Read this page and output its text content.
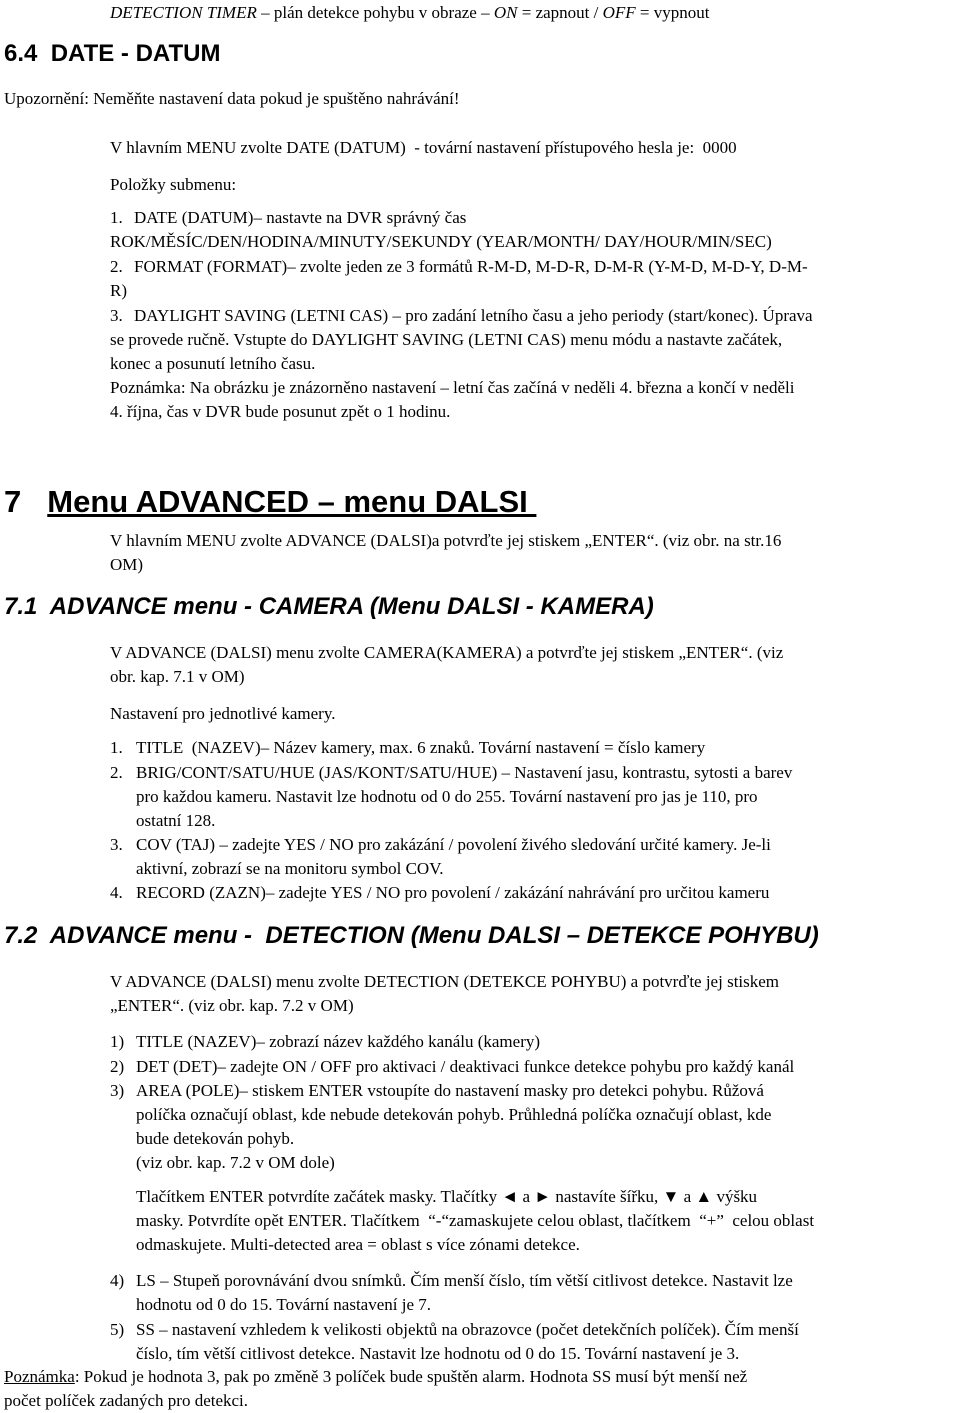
DETECTION TIMER – plán detekce pohybu v obraze – ON = zapnout / OFF = vypnout
6.4  DATE - DATUM
Upozornění: Neměňte nastavení data pokud je spuštěno nahrávání!
V hlavním MENU zvolte DATE (DATUM)  - tovární nastavení přístupového hesla je:  0000
Položky submenu:
1. DATE (DATUM)– nastavte na DVR správný čas
ROK/MĚSÍC/DEN/HODINA/MINUTY/SEKUNDY (YEAR/MONTH/ DAY/HOUR/MIN/SEC)
2. FORMAT (FORMAT)– zvolte jeden ze 3 formátů R-M-D, M-D-R, D-M-R (Y-M-D, M-D-Y, D-M-
R)
3. DAYLIGHT SAVING (LETNI CAS) – pro zadání letního času a jeho periody (start/konec). Úprava
se provede ručně. Vstupte do DAYLIGHT SAVING (LETNI CAS) menu módu a nastavte začátek,
konec a posunutí letního času.
Poznámka: Na obrázku je znázorněno nastavení – letní čas začíná v neděli 4. března a končí v neděli
4. října, čas v DVR bude posunut zpět o 1 hodinu.
7 Menu ADVANCED – menu DALSI
V hlavním MENU zvolte ADVANCE (DALSI)a potvrďte jej stiskem „ENTER“. (viz obr. na str.16
OM)
7.1  ADVANCE menu - CAMERA (Menu DALSI - KAMERA)
V ADVANCE (DALSI) menu zvolte CAMERA(KAMERA) a potvrďte jej stiskem „ENTER“. (viz
obr. kap. 7.1 v OM)
Nastavení pro jednotlivé kamery.
1. TITLE  (NAZEV)– Název kamery, max. 6 znaků. Tovární nastavení = číslo kamery
2. BRIG/CONT/SATU/HUE (JAS/KONT/SATU/HUE) – Nastavení jasu, kontrastu, sytosti a barev
pro každou kameru. Nastavit lze hodnotu od 0 do 255. Tovární nastavení pro jas je 110, pro
ostatní 128.
3. COV (TAJ) – zadejte YES / NO pro zakázání / povolení živého sledování určité kamery. Je-li
aktivní, zobrazí se na monitoru symbol COV.
4. RECORD (ZAZN)– zadejte YES / NO pro povolení / zakázání nahrávání pro určitou kameru
7.2  ADVANCE menu -  DETECTION (Menu DALSI – DETEKCE POHYBU)
V ADVANCE (DALSI) menu zvolte DETECTION (DETEKCE POHYBU) a potvrďte jej stiskem
„ENTER“. (viz obr. kap. 7.2 v OM)
1) TITLE (NAZEV)– zobrazí název každého kanálu (kamery)
2) DET (DET)– zadejte ON / OFF pro aktivaci / deaktivaci funkce detekce pohybu pro každý kanál
3) AREA (POLE)– stiskem ENTER vstoupíte do nastavení masky pro detekci pohybu. Růžová
políčka označují oblast, kde nebude detekován pohyb. Průhledná políčka označují oblast, kde
bude detekován pohyb.
(viz obr. kap. 7.2 v OM dole)
Tlačítkem ENTER potvrdíte začátek masky. Tlačítky ◄ a ► nastavíte šířku, ▼ a ▲ výšku
masky. Potvrdíte opět ENTER. Tlačítkem  “-“zamaskujete celou oblast, tlačítkem  “+”  celou oblast
odmaskujete. Multi-detected area = oblast s více zónami detekce.
4) LS – Stupeň porovnávání dvou snímků. Čím menší číslo, tím větší citlivost detekce. Nastavit lze
hodnotu od 0 do 15. Tovární nastavení je 7.
5) SS – nastavení vzhledem k velikosti objektů na obrazovce (počet detekčních políček). Čím menší
číslo, tím větší citlivost detekce. Nastavit lze hodnotu od 0 do 15. Tovární nastavení je 3.
Poznámka: Pokud je hodnota 3, pak po změně 3 políček bude spuštěn alarm. Hodnota SS musí být menší než
počet políček zadaných pro detekci.
